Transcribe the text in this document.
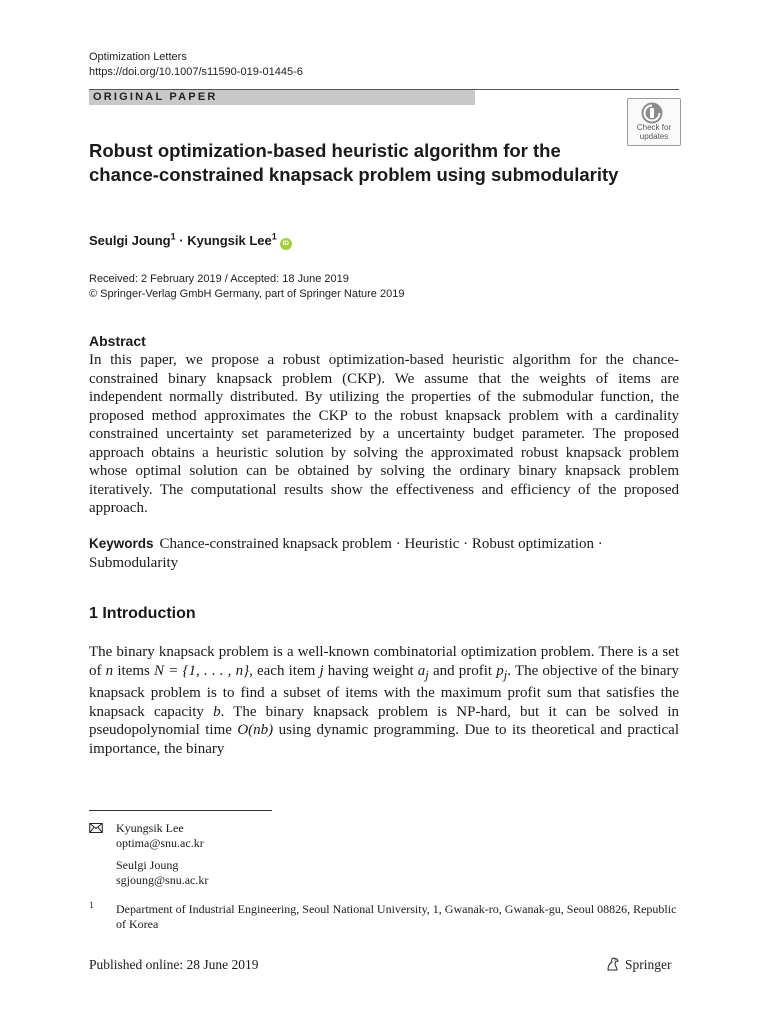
Optimization Letters
https://doi.org/10.1007/s11590-019-01445-6
ORIGINAL PAPER
Check for
updates
Robust optimization-based heuristic algorithm for the chance-constrained knapsack problem using submodularity
Seulgi Joung$^1$ · Kyungsik Lee$^1$iD
Received: 2 February 2019 / Accepted: 18 June 2019
© Springer-Verlag GmbH Germany, part of Springer Nature 2019
Abstract
In this paper, we propose a robust optimization-based heuristic algorithm for the chance-constrained binary knapsack problem (CKP). We assume that the weights of items are independent normally distributed. By utilizing the properties of the submodular function, the proposed method approximates the CKP to the robust knapsack problem with a cardinality constrained uncertainty set parameterized by a uncertainty budget parameter. The proposed approach obtains a heuristic solution by solving the approximated robust knapsack problem whose optimal solution can be obtained by solving the ordinary binary knapsack problem iteratively. The computational results show the effectiveness and efficiency of the proposed approach.
Keywords Chance-constrained knapsack problem · Heuristic · Robust optimization · Submodularity
1 Introduction
The binary knapsack problem is a well-known combinatorial optimization problem. There is a set of n items N = {1, . . . , n}, each item j having weight $a_j$ and profit $p_j$. The objective of the binary knapsack problem is to find a subset of items with the maximum profit sum that satisfies the knapsack capacity b. The binary knapsack problem is NP-hard, but it can be solved in pseudopolynomial time O(nb) using dynamic programming. Due to its theoretical and practical importance, the binary
Kyungsik Lee
optima@snu.ac.kr
Seulgi Joung
sgjoung@snu.ac.kr
1 Department of Industrial Engineering, Seoul National University, 1, Gwanak-ro, Gwanak-gu, Seoul 08826, Republic of Korea
Published online: 28 June 2019	Springer
